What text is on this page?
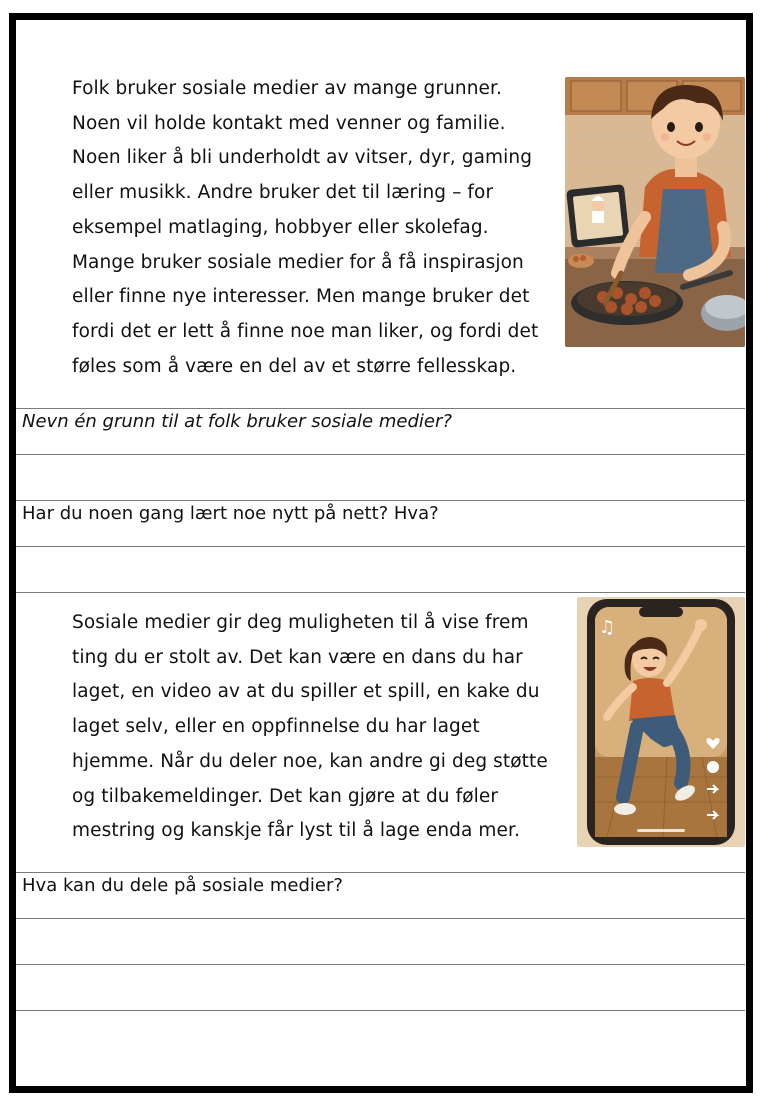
Folk bruker sosiale medier av mange grunner.
Noen vil holde kontakt med venner og familie.
Noen liker å bli underholdt av vitser, dyr, gaming
eller musikk. Andre bruker det til læring – for
eksempel matlaging, hobbyer eller skolefag.
Mange bruker sosiale medier for å få inspirasjon
eller finne nye interesser. Men mange bruker det
fordi det er lett å finne noe man liker, og fordi det
føles som å være en del av et større fellesskap.

Nevn én grunn til at folk bruker sosiale medier?
Har du noen gang lært noe nytt på nett? Hva?

Sosiale medier gir deg muligheten til å vise frem
ting du er stolt av. Det kan være en dans du har
laget, en video av at du spiller et spill, en kake du
laget selv, eller en oppfinnelse du har laget
hjemme. Når du deler noe, kan andre gi deg støtte
og tilbakemeldinger. Det kan gjøre at du føler
mestring og kanskje får lyst til å lage enda mer.

♫
Hva kan du dele på sosiale medier?
